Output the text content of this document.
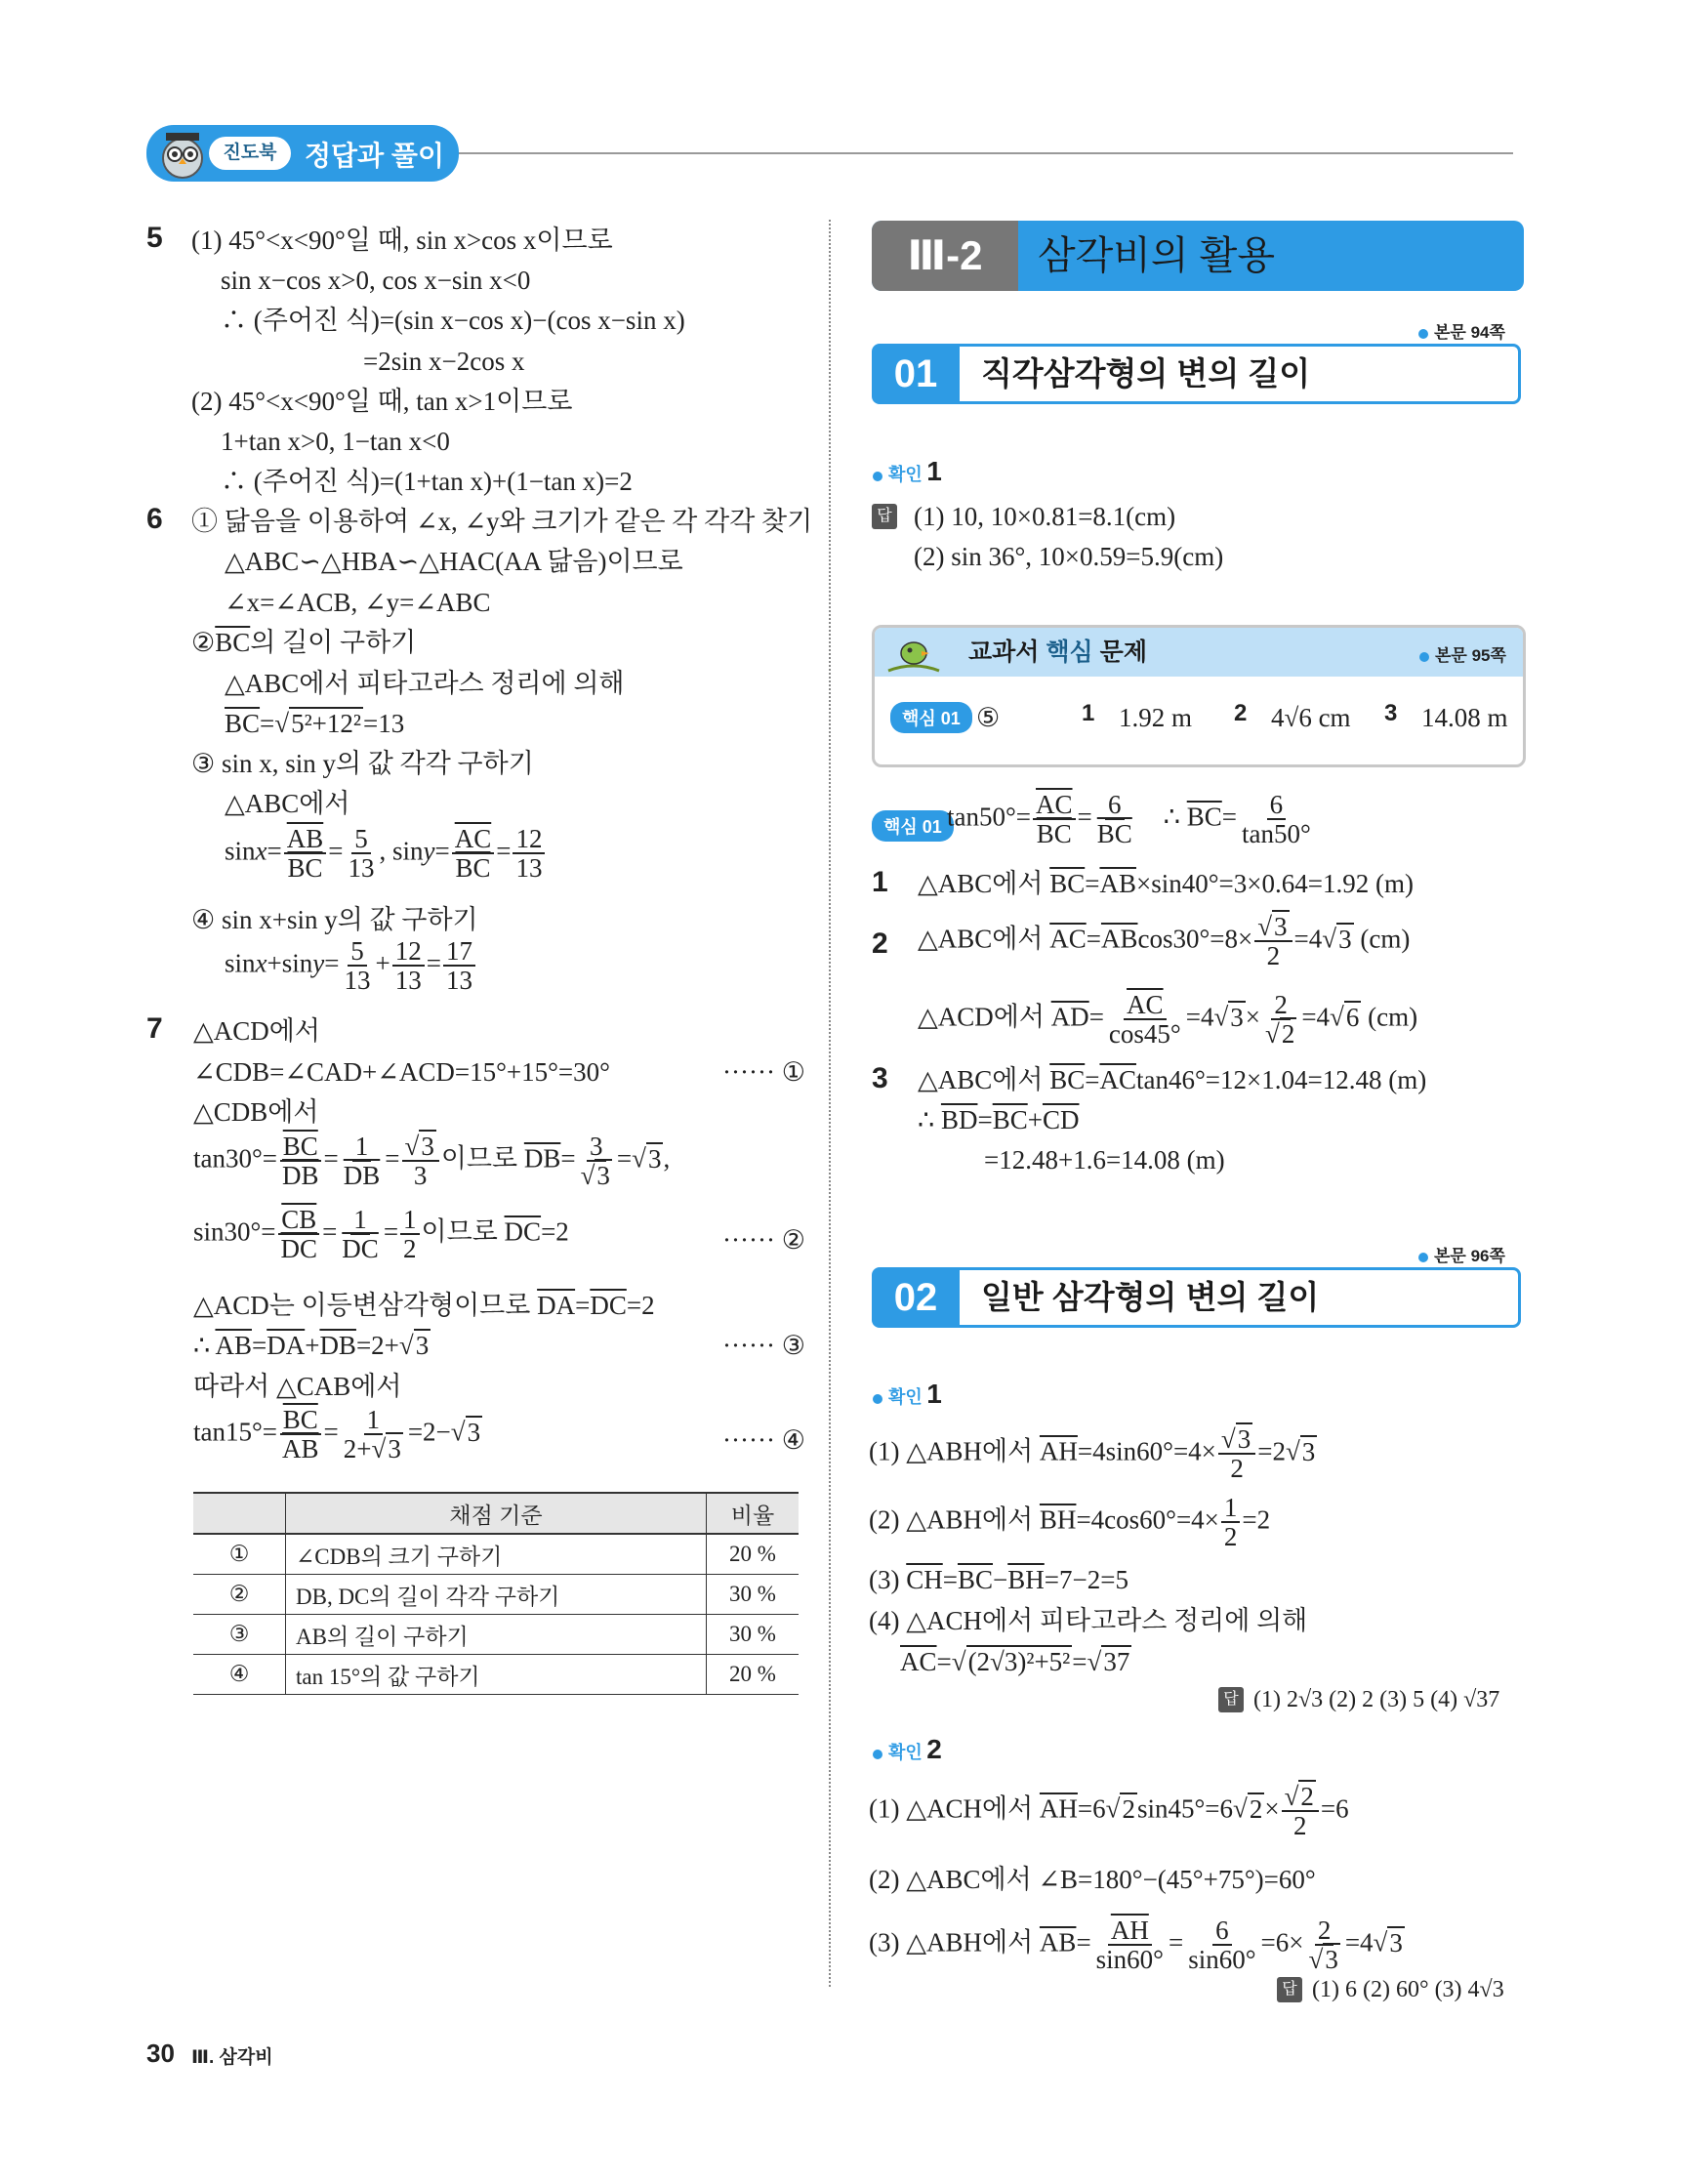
진도북	정답과 풀이
5 (1) 45°<x<90°일 때, sin x>cos x이므로
sin x−cos x>0, cos x−sin x<0
∴ (주어진 식)=(sin x−cos x)−(cos x−sin x)
=2sin x−2cos x
(2) 45°<x<90°일 때, tan x>1이므로
1+tan x>0, 1−tan x<0
∴ (주어진 식)=(1+tan x)+(1−tan x)=2
6 ① 닮음을 이용하여 ∠x, ∠y와 크기가 같은 각 각각 찾기
△ABC∽△HBA∽△HAC(AA 닮음)이므로
∠x=∠ACB, ∠y=∠ABC
$②\overline{BC}$의 길이 구하기
△ABC에서 피타고라스 정리에 의해
$\overline{BC}=√5^2+12^2=13$
③ sin x, sin y의 값 각각 구하기
△ABC에서
$\sin x= \frac{\overline{AB}}{BC} = \frac{5}{13}$ , $\sin y= \frac{\overline{AC}}{BC} = \frac{12}{13}$
④ sin x+sin y의 값 구하기
$\sin x+\sin y= \frac{5}{13} + \frac{12}{13} = \frac{17}{13}$
7 △ACD에서
∠CDB=∠CAD+∠ACD=15°+15°=30°	······ ①
△CDB에서
$\tan 30^\circ= \frac{\overline{BC}}{DB} = \frac{1}{DB} = \frac{√3}{3}$ 이므로 $\overline{DB}= \frac{3}{√3} =√3$,
$\sin 30^\circ= \frac{\overline{CB}}{DC} = \frac{1}{DC} = \frac{1}{2}$ 이므로 $\overline{DC}=2$	······ ②
△ACD는 이등변삼각형이므로 $\overline{DA}=\overline{DC}=2$
∴ $\overline{AB}=\overline{DA}+\overline{DB}=2+√3$	······ ③
따라서 △CAB에서
$\tan 15^\circ= \frac{\overline{BC}}{AB} = \frac{1}{2+√3} =2-√3$	······ ④
	채점 기준	비율
①	∠CDB의 크기 구하기	20 %
②	DB, DC의 길이 각각 구하기	30 %
③	AB의 길이 구하기	30 %
④	tan 15°의 값 구하기	20 %
Ⅲ-2	삼각비의 활용
본문 94쪽
01	직각삼각형의 변의 길이
확인 1
답 (1) 10, 10×0.81=8.1(cm)
(2) sin 36°, 10×0.59=5.9(cm)
교과서 핵심 문제	본문 95쪽
핵심 01 ⑤	1 1.92 m 2 4√6 cm 3 14.08 m
핵심 01 $\tan 50^\circ= \frac{\overline{AC}}{BC} = \frac{6}{BC}$ ∴ $\overline{BC}= \frac{6}{\tan 50^\circ}$
1 △ABC에서 $\overline{BC}=\overline{AB}\times\sin 40^\circ=3\times 0.64=1.92$ (m)
2 △ABC에서 $\overline{AC}=\overline{AB}\cos 30^\circ=8\times \frac{√3}{2} =4√3$ (cm)
△ACD에서 $\overline{AD}= \frac{\overline{AC}}{\cos 45^\circ} =4√3\times \frac{2}{√2} =4√6$ (cm)
3 △ABC에서 $\overline{BC}=\overline{AC}\tan 46^\circ=12\times 1.04=12.48$ (m)
∴ $\overline{BD}=\overline{BC}+\overline{CD}$
=12.48+1.6=14.08 (m)
본문 96쪽
02	일반 삼각형의 변의 길이
확인 1
(1) △ABH에서 $\overline{AH}=4\sin 60^\circ=4\times \frac{√3}{2} =2√3$
(2) △ABH에서 $\overline{BH}=4\cos 60^\circ=4\times \frac{1}{2} =2$
(3) $\overline{CH}=\overline{BC}-\overline{BH}=7-2=5$
(4) △ACH에서 피타고라스 정리에 의해
$\overline{AC}=√(2√3)^2+5^2=√37$
답 (1) 2√3 (2) 2 (3) 5 (4) √37
확인 2
(1) △ACH에서 $\overline{AH}=6√2\sin 45^\circ=6√2\times \frac{√2}{2} =6$
(2) △ABC에서 ∠B=180°−(45°+75°)=60°
(3) △ABH에서 $\overline{AB}= \frac{\overline{AH}}{\sin 60^\circ} = \frac{6}{\sin 60^\circ} =6\times \frac{2}{√3} =4√3$
답 (1) 6 (2) 60° (3) 4√3
30 Ⅲ. 삼각비
